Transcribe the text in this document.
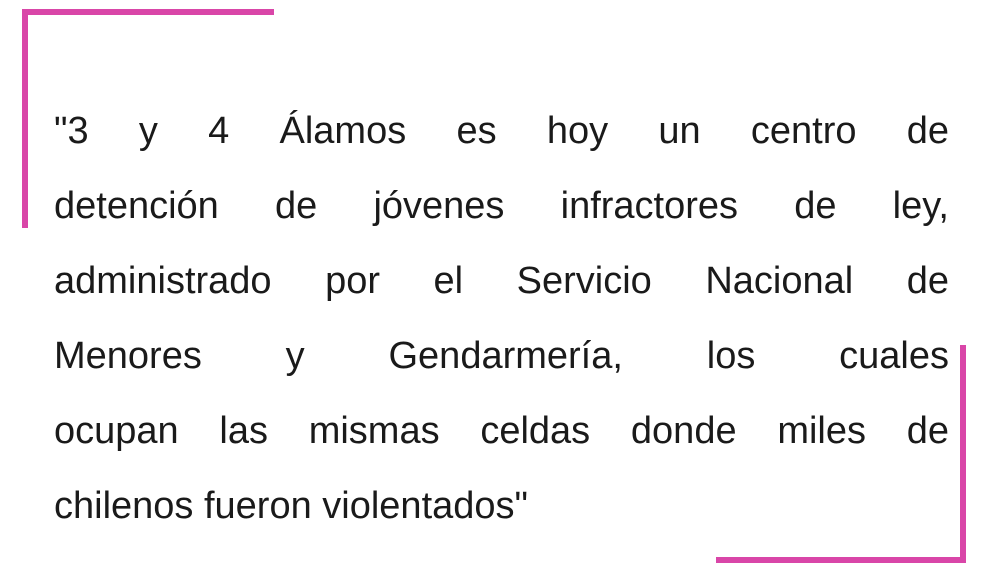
"3 y 4 Álamos es hoy un centro de
detención de jóvenes infractores de ley,
administrado por el Servicio Nacional de
Menores y Gendarmería, los cuales
ocupan las mismas celdas donde miles de
chilenos fueron violentados"
